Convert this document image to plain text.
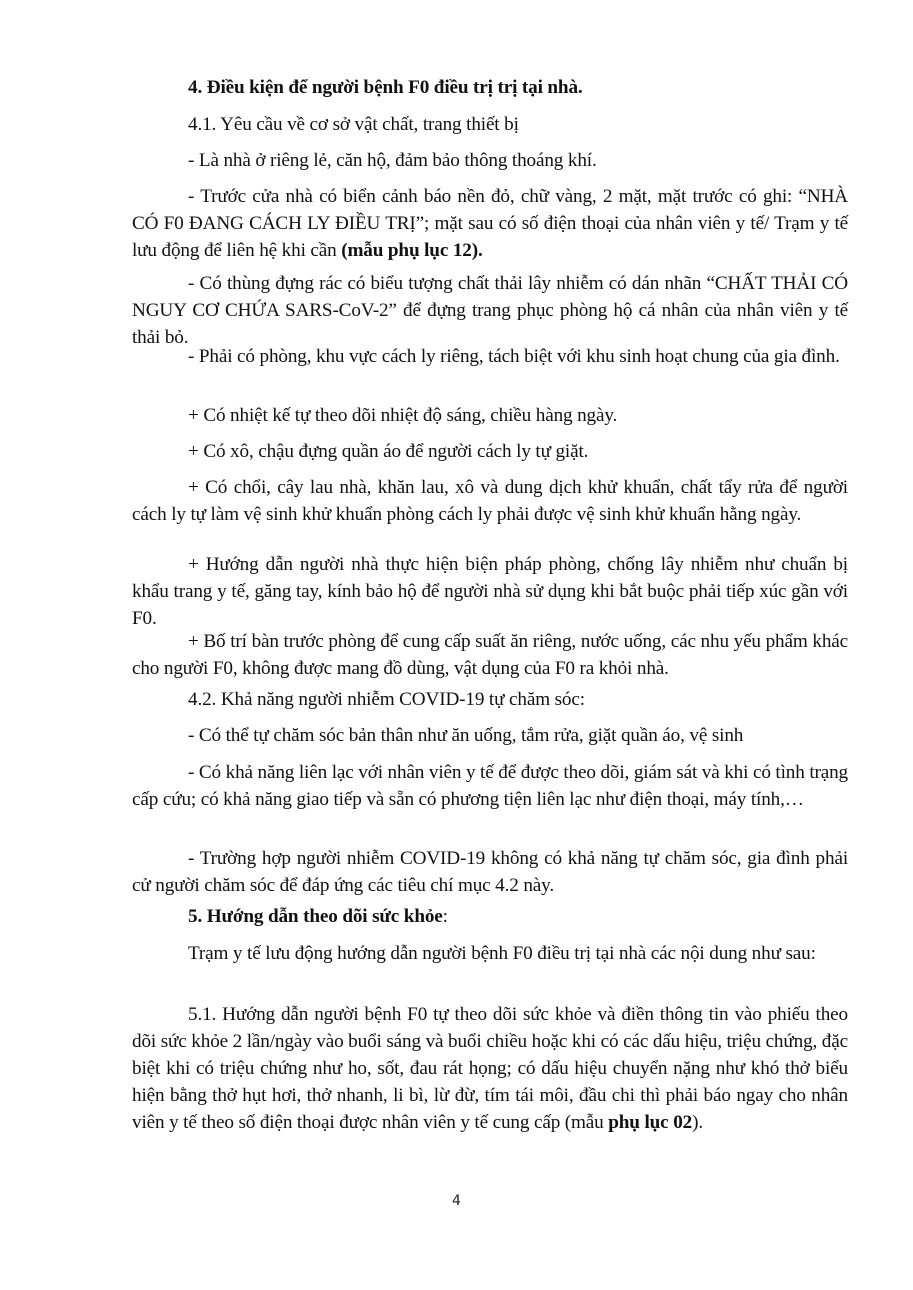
4. Điều kiện để người bệnh F0 điều trị trị tại nhà.

4.1. Yêu cầu về cơ sở vật chất, trang thiết bị

- Là nhà ở riêng lẻ, căn hộ, đảm bảo thông thoáng khí.

- Trước cửa nhà có biển cảnh báo nền đỏ, chữ vàng, 2 mặt, mặt trước có ghi: “NHÀ CÓ F0 ĐANG CÁCH LY ĐIỀU TRỊ”; mặt sau có số điện thoại của nhân viên y tế/ Trạm y tế lưu động để liên hệ khi cần (mẫu phụ lục 12).

- Có thùng đựng rác có biểu tượng chất thải lây nhiễm có dán nhãn “CHẤT THẢI CÓ NGUY CƠ CHỨA SARS-CoV-2” để đựng trang phục phòng hộ cá nhân của nhân viên y tế thải bỏ.

- Phải có phòng, khu vực cách ly riêng, tách biệt với khu sinh hoạt chung của gia đình.

+ Có nhiệt kế tự theo dõi nhiệt độ sáng, chiều hàng ngày.

+ Có xô, chậu đựng quần áo để người cách ly tự giặt.

+ Có chổi, cây lau nhà, khăn lau, xô và dung dịch khử khuẩn, chất tẩy rửa để người cách ly tự làm vệ sinh khử khuẩn phòng cách ly phải được vệ sinh khử khuẩn hằng ngày.

+ Hướng dẫn người nhà thực hiện biện pháp phòng, chống lây nhiễm như chuẩn bị khẩu trang y tế, găng tay, kính bảo hộ để người nhà sử dụng khi bắt buộc phải tiếp xúc gần với F0.

+ Bố trí bàn trước phòng để cung cấp suất ăn riêng, nước uống, các nhu yếu phẩm khác cho người F0, không được mang đồ dùng, vật dụng của F0 ra khỏi nhà.

4.2. Khả năng người nhiễm COVID-19 tự chăm sóc:

- Có thể tự chăm sóc bản thân như ăn uống, tắm rửa, giặt quần áo, vệ sinh

- Có khả năng liên lạc với nhân viên y tế để được theo dõi, giám sát và khi có tình trạng cấp cứu; có khả năng giao tiếp và sẵn có phương tiện liên lạc như điện thoại, máy tính,…

- Trường hợp người nhiễm COVID-19 không có khả năng tự chăm sóc, gia đình phải cử người chăm sóc để đáp ứng các tiêu chí mục 4.2 này.

5. Hướng dẫn theo dõi sức khỏe:

Trạm y tế lưu động hướng dẫn người bệnh F0 điều trị tại nhà các nội dung như sau:

5.1. Hướng dẫn người bệnh F0 tự theo dõi sức khỏe và điền thông tin vào phiếu theo dõi sức khỏe 2 lần/ngày vào buổi sáng và buổi chiều hoặc khi có các dấu hiệu, triệu chứng, đặc biệt khi có triệu chứng như ho, sốt, đau rát họng; có dấu hiệu chuyển nặng như khó thở biểu hiện bằng thở hụt hơi, thở nhanh, li bì, lừ đừ, tím tái môi, đầu chi thì phải báo ngay cho nhân viên y tế theo số điện thoại được nhân viên y tế cung cấp (mẫu phụ lục 02).

4
